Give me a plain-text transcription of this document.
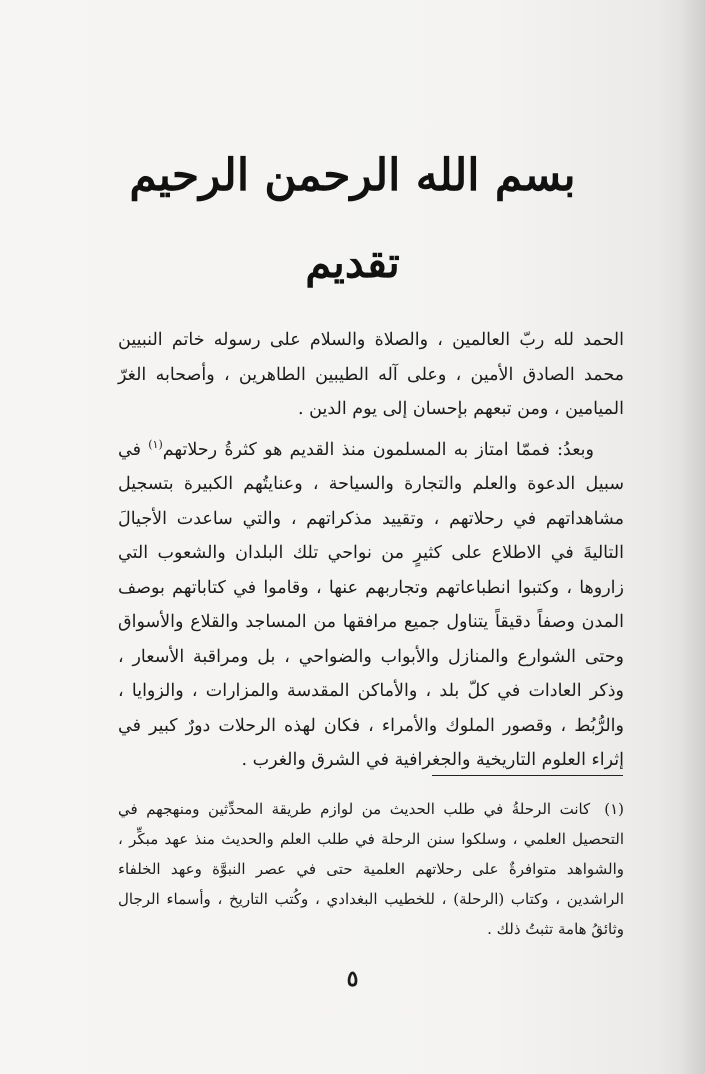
بسم الله الرحمن الرحيم
تقديم

الحمد لله ربّ العالمين ، والصلاة والسلام على رسوله خاتم النبيين محمد الصادق الأمين ، وعلى آله الطيبين الطاهرين ، وأصحابه الغرّ الميامين ، ومن تبعهم بإحسان إلى يوم الدين .

وبعدُ: فممّا امتاز به المسلمون منذ القديم هو كثرةُ رحلاتهم$^{(١)}$ في سبيل الدعوة والعلم والتجارة والسياحة ، وعنايتُهم الكبيرة بتسجيل مشاهداتهم في رحلاتهم ، وتقييد مذكراتهم ، والتي ساعدت الأجيالَ التاليةَ في الاطلاع على كثيرٍ من نواحي تلك البلدان والشعوب التي زاروها ، وكتبوا انطباعاتهم وتجاربهم عنها ، وقاموا في كتاباتهم بوصف المدن وصفاً دقيقاً يتناول جميع مرافقها من المساجد والقلاع والأسواق وحتى الشوارع والمنازل والأبواب والضواحي ، بل ومراقبة الأسعار ، وذكر العادات في كلّ بلد ، والأماكن المقدسة والمزارات ، والزوايا ، والرُّبُط ، وقصور الملوك والأمراء ، فكان لهذه الرحلات دورٌ كبير في إثراء العلوم التاريخية والجغرافية في الشرق والغرب .

(١)كانت الرحلةُ في طلب الحديث من لوازم طريقة المحدِّثين ومنهجهم في التحصيل العلمي ، وسلكوا سنن الرحلة في طلب العلم والحديث منذ عهد مبكِّر ، والشواهد متوافرةٌ على رحلاتهم العلمية حتى في عصر النبوَّة وعهد الخلفاء الراشدين ، وكتاب (الرحلة) ، للخطيب البغدادي ، وكُتب التاريخ ، وأسماء الرجال وثائقُ هامة تثبتُ ذلك .
٥
